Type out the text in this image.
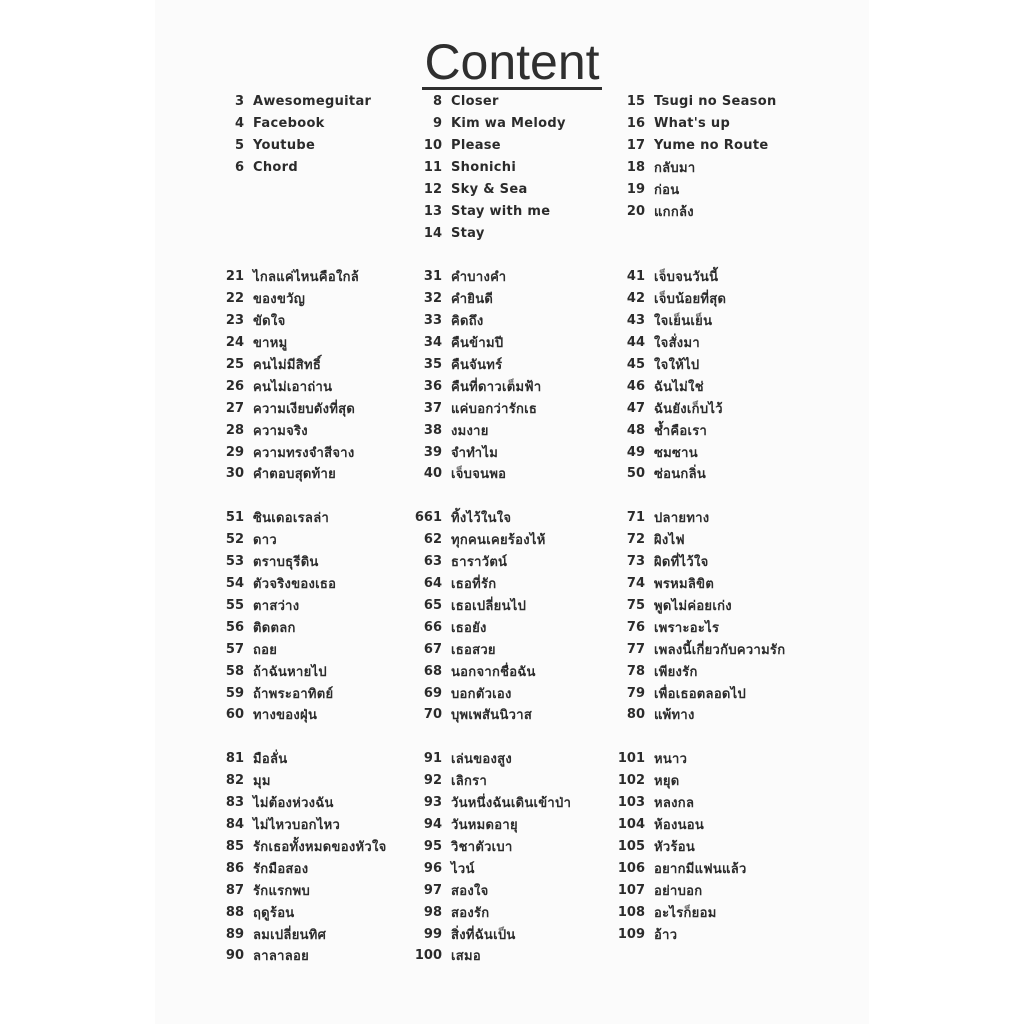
Content
3 Awesomeguitar
4 Facebook
5 Youtube
6 Chord
8 Closer
9 Kim wa Melody
10 Please
11 Shonichi
12 Sky & Sea
13 Stay with me
14 Stay
15 Tsugi no Season
16 What's up
17 Yume no Route
18 กลับมา
19 ก่อน
20 แกกล้ง
21 ไกลแค่ไหนคือใกล้
22 ของขวัญ
23 ขัดใจ
24 ขาหมู
25 คนไม่มีสิทธิ์
26 คนไม่เอาถ่าน
27 ความเงียบดังที่สุด
28 ความจริง
29 ความทรงจำสีจาง
30 คำตอบสุดท้าย
31 คำบางคำ
32 คำยินดี
33 คิดถึง
34 คืนข้ามปี
35 คืนจันทร์
36 คืนที่ดาวเต็มฟ้า
37 แค่บอกว่ารักเธ
38 งมงาย
39 จำทำไม
40 เจ็บจนพอ
41 เจ็บจนวันนี้
42 เจ็บน้อยที่สุด
43 ใจเย็นเย็น
44 ใจสั่งมา
45 ใจให้ไป
46 ฉันไม่ใช่
47 ฉันยังเก็บไว้
48 ช้ำคือเรา
49 ซมซาน
50 ซ่อนกลิ่น
51 ซินเดอเรลล่า
52 ดาว
53 ตราบธุรีดิน
54 ตัวจริงของเธอ
55 ตาสว่าง
56 ติดตลก
57 ถอย
58 ถ้าฉันหายไป
59 ถ้าพระอาทิตย์
60 ทางของฝุ่น
661 ทิ้งไว้ในใจ
62 ทุกคนเคยร้องไห้
63 ธาราวัตน์
64 เธอที่รัก
65 เธอเปลี่ยนไป
66 เธอยัง
67 เธอสวย
68 นอกจากชื่อฉัน
69 บอกตัวเอง
70 บุพเพสันนิวาส
71 ปลายทาง
72 ผิงไฟ
73 ผิดที่ไว้ใจ
74 พรหมลิขิต
75 พูดไม่ค่อยเก่ง
76 เพราะอะไร
77 เพลงนี้เกี่ยวกับความรัก
78 เพียงรัก
79 เพื่อเธอตลอดไป
80 แพ้ทาง
81 มือลั่น
82 มุม
83 ไม่ต้องห่วงฉัน
84 ไม่ไหวบอกไหว
85 รักเธอทั้งหมดของหัวใจ
86 รักมือสอง
87 รักแรกพบ
88 ฤดูร้อน
89 ลมเปลี่ยนทิศ
90 ลาลาลอย
91 เล่นของสูง
92 เลิกรา
93 วันหนึ่งฉันเดินเข้าป่า
94 วันหมดอายุ
95 วิชาตัวเบา
96 ไวน์
97 สองใจ
98 สองรัก
99 สิ่งที่ฉันเป็น
100 เสมอ
101 หนาว
102 หยุด
103 หลงกล
104 ห้องนอน
105 หัวร้อน
106 อยากมีแฟนแล้ว
107 อย่าบอก
108 อะไรก็ยอม
109 อ้าว
